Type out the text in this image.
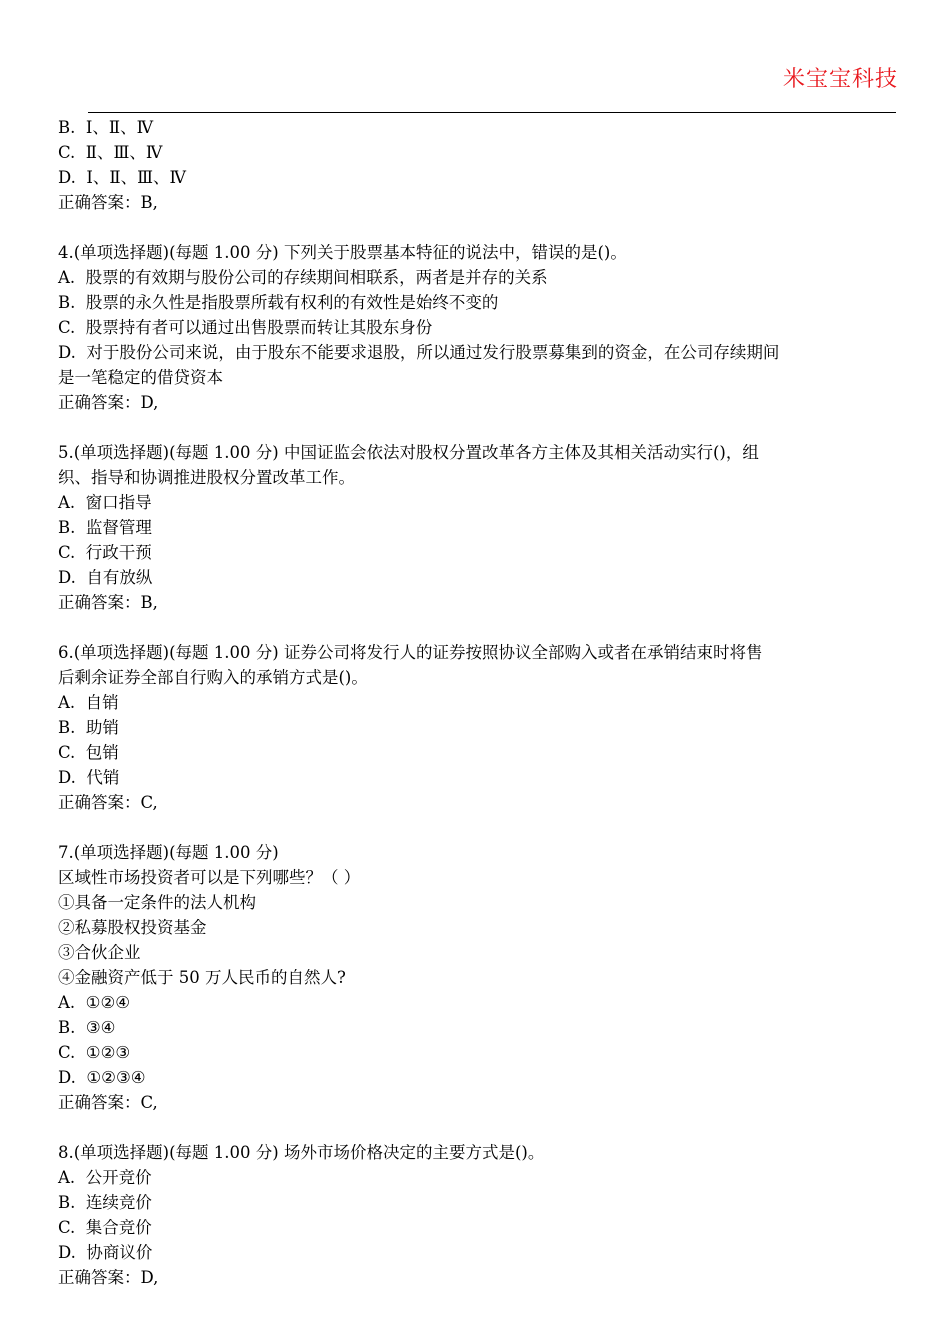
米宝宝科技
B.  Ⅰ、Ⅱ、Ⅳ
C.  Ⅱ、Ⅲ、Ⅳ
D.  Ⅰ、Ⅱ、Ⅲ、Ⅳ
正确答案：B,
4.(单项选择题)(每题 1.00 分) 下列关于股票基本特征的说法中，错误的是()。
A.  股票的有效期与股份公司的存续期间相联系，两者是并存的关系
B.  股票的永久性是指股票所载有权利的有效性是始终不变的
C.  股票持有者可以通过出售股票而转让其股东身份
D.  对于股份公司来说，由于股东不能要求退股，所以通过发行股票募集到的资金，在公司存续期间
是一笔稳定的借贷资本
正确答案：D,
5.(单项选择题)(每题 1.00 分) 中国证监会依法对股权分置改革各方主体及其相关活动实行()，组
织、指导和协调推进股权分置改革工作。
A.  窗口指导
B.  监督管理
C.  行政干预
D.  自有放纵
正确答案：B,
6.(单项选择题)(每题 1.00 分) 证券公司将发行人的证券按照协议全部购入或者在承销结束时将售
后剩余证券全部自行购入的承销方式是()。
A.  自销
B.  助销
C.  包销
D.  代销
正确答案：C,
7.(单项选择题)(每题 1.00 分)
区域性市场投资者可以是下列哪些？（ ）
①具备一定条件的法人机构
②私募股权投资基金
③合伙企业
④金融资产低于 50 万人民币的自然人?
A.  ①②④
B.  ③④
C.  ①②③
D.  ①②③④
正确答案：C,
8.(单项选择题)(每题 1.00 分) 场外市场价格决定的主要方式是()。
A.  公开竞价
B.  连续竞价
C.  集合竞价
D.  协商议价
正确答案：D,
